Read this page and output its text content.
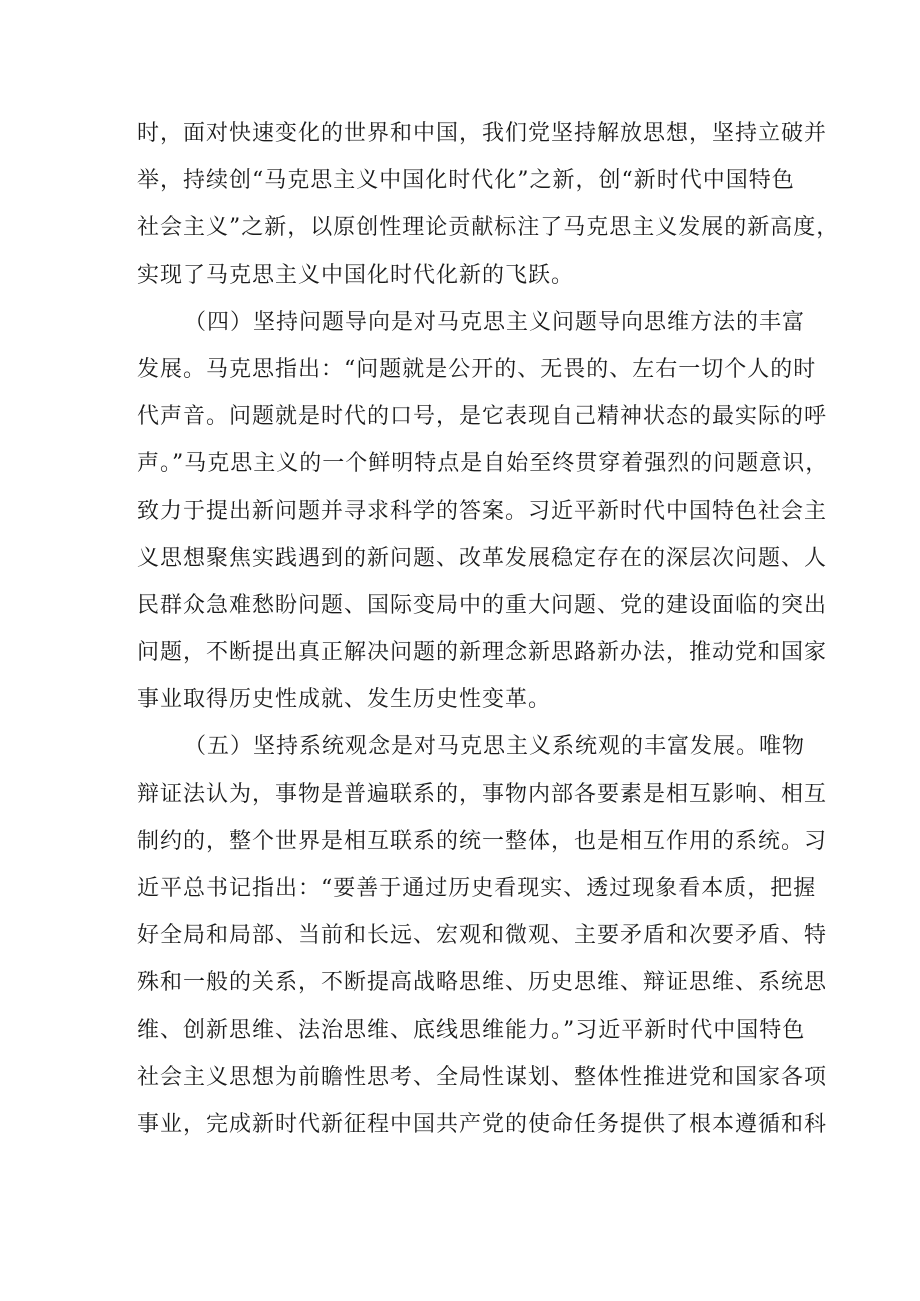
时，面对快速变化的世界和中国，我们党坚持解放思想，坚持立破并
举，持续创“马克思主义中国化时代化”之新，创“新时代中国特色
社会主义”之新，以原创性理论贡献标注了马克思主义发展的新高度，
实现了马克思主义中国化时代化新的飞跃。
（四）坚持问题导向是对马克思主义问题导向思维方法的丰富
发展。马克思指出：“问题就是公开的、无畏的、左右一切个人的时
代声音。问题就是时代的口号，是它表现自己精神状态的最实际的呼
声。”马克思主义的一个鲜明特点是自始至终贯穿着强烈的问题意识，
致力于提出新问题并寻求科学的答案。习近平新时代中国特色社会主
义思想聚焦实践遇到的新问题、改革发展稳定存在的深层次问题、人
民群众急难愁盼问题、国际变局中的重大问题、党的建设面临的突出
问题，不断提出真正解决问题的新理念新思路新办法，推动党和国家
事业取得历史性成就、发生历史性变革。
（五）坚持系统观念是对马克思主义系统观的丰富发展。唯物
辩证法认为，事物是普遍联系的，事物内部各要素是相互影响、相互
制约的，整个世界是相互联系的统一整体，也是相互作用的系统。习
近平总书记指出：“要善于通过历史看现实、透过现象看本质，把握
好全局和局部、当前和长远、宏观和微观、主要矛盾和次要矛盾、特
殊和一般的关系，不断提高战略思维、历史思维、辩证思维、系统思
维、创新思维、法治思维、底线思维能力。”习近平新时代中国特色
社会主义思想为前瞻性思考、全局性谋划、整体性推进党和国家各项
事业，完成新时代新征程中国共产党的使命任务提供了根本遵循和科
